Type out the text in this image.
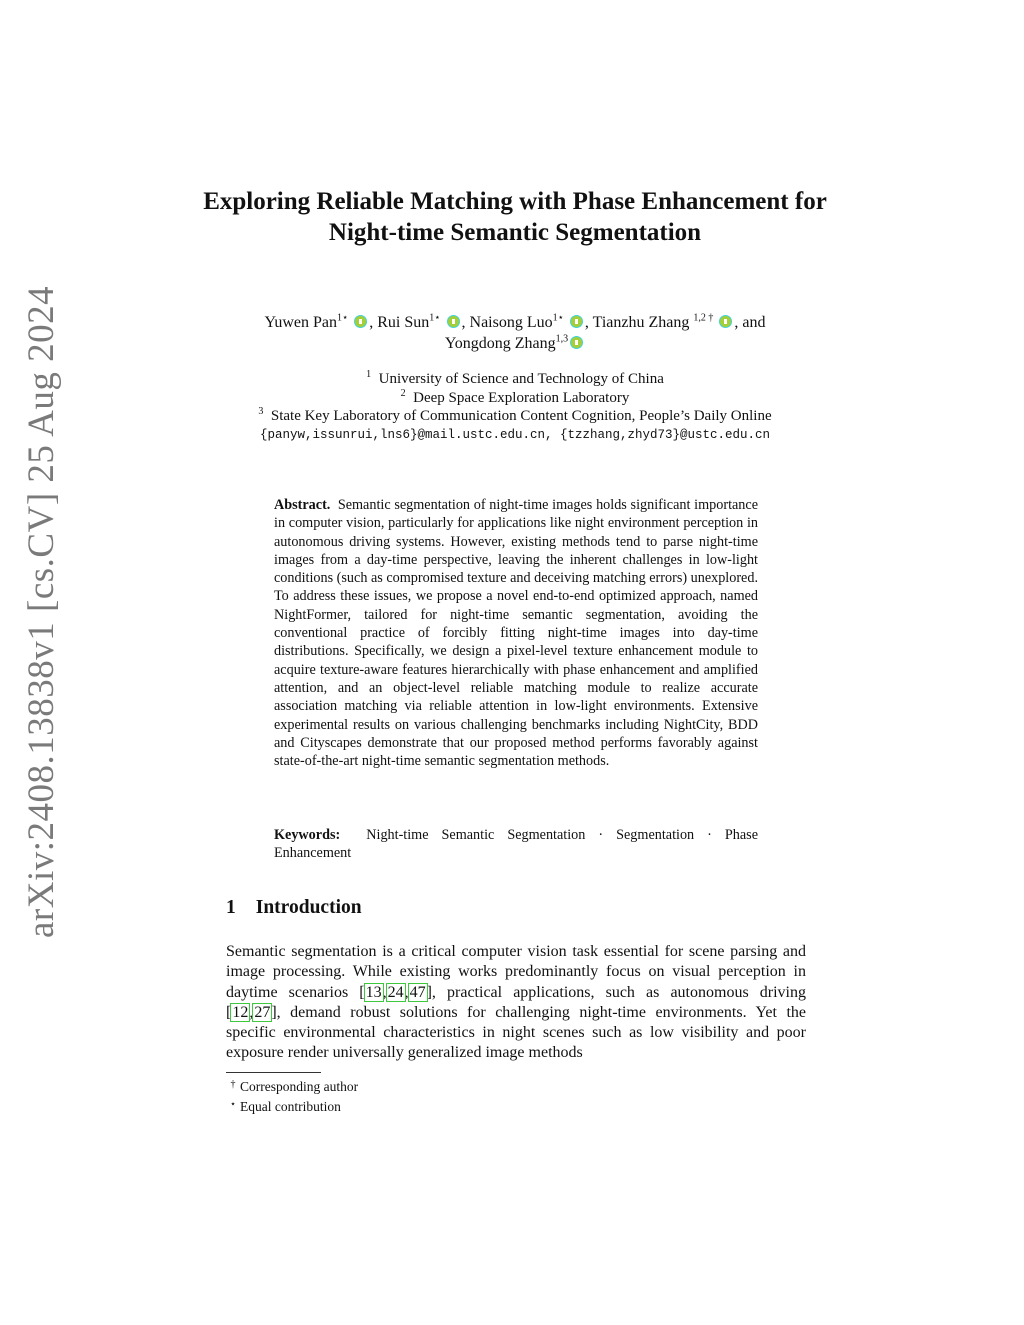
arXiv:2408.13838v1 [cs.CV] 25 Aug 2024
Exploring Reliable Matching with Phase Enhancement for Night-time Semantic Segmentation
Yuwen Pan$^{1⋆}$ , Rui Sun$^{1⋆}$ , Naisong Luo$^{1⋆}$ , Tianzhu Zhang $^{1,2 \dagger}$ , and
Yongdong Zhang$^{1,3}$
$^1$ University of Science and Technology of China
$^2$ Deep Space Exploration Laboratory
$^3$ State Key Laboratory of Communication Content Cognition, People’s Daily Online
{panyw,issunrui,lns6}@mail.ustc.edu.cn, {tzzhang,zhyd73}@ustc.edu.cn
Abstract. Semantic segmentation of night-time images holds significant importance in computer vision, particularly for applications like night environment perception in autonomous driving systems. However, existing methods tend to parse night-time images from a day-time perspective, leaving the inherent challenges in low-light conditions (such as compromised texture and deceiving matching errors) unexplored. To address these issues, we propose a novel end-to-end optimized approach, named NightFormer, tailored for night-time semantic segmentation, avoiding the conventional practice of forcibly fitting night-time images into day-time distributions. Specifically, we design a pixel-level texture enhancement module to acquire texture-aware features hierarchically with phase enhancement and amplified attention, and an object-level reliable matching module to realize accurate association matching via reliable attention in low-light environments. Extensive experimental results on various challenging benchmarks including NightCity, BDD and Cityscapes demonstrate that our proposed method performs favorably against state-of-the-art night-time semantic segmentation methods.
Keywords: Night-time Semantic Segmentation · Segmentation · Phase Enhancement
1 Introduction
Semantic segmentation is a critical computer vision task essential for scene parsing and image processing. While existing works predominantly focus on visual perception in daytime scenarios [13,24,47], practical applications, such as autonomous driving [12,27], demand robust solutions for challenging night-time environments. Yet the specific environmental characteristics in night scenes such as low visibility and poor exposure render universally generalized image methods
† Corresponding author
⋆ Equal contribution
